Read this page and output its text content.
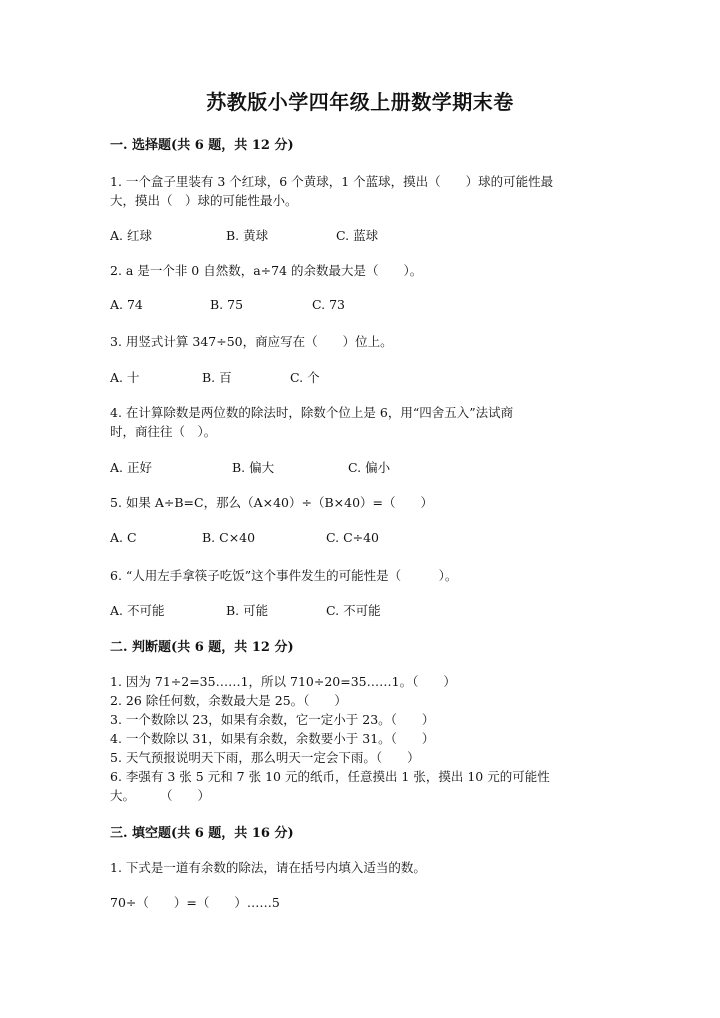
苏教版小学四年级上册数学期末卷
一. 选择题(共 6 题，共 12 分)
1. 一个盒子里装有 3 个红球，6 个黄球，1 个蓝球，摸出（　　）球的可能性最
大，摸出（　）球的可能性最小。
A. 红球	B. 黄球	C. 蓝球
2. a 是一个非 0 自然数，a÷74 的余数最大是（　　）。
A. 74	B. 75	C. 73
3. 用竖式计算 347÷50，商应写在（　　）位上。
A. 十	B. 百	C. 个
4. 在计算除数是两位数的除法时，除数个位上是 6，用“四舍五入”法试商
时，商往往（　）。
A. 正好	B. 偏大	C. 偏小
5. 如果 A÷B=C，那么（A×40）÷（B×40）=（　　）
A. C	B. C×40	C. C÷40
6. “人用左手拿筷子吃饭”这个事件发生的可能性是（　　　）。
A. 不可能	B. 可能	C. 不可能
二. 判断题(共 6 题，共 12 分)
1. 因为 71÷2=35……1，所以 710÷20=35……1。（　　）
2. 26 除任何数，余数最大是 25。（　　）
3. 一个数除以 23，如果有余数，它一定小于 23。（　　）
4. 一个数除以 31，如果有余数，余数要小于 31。（　　）
5. 天气预报说明天下雨，那么明天一定会下雨。（　　）
6. 李强有 3 张 5 元和 7 张 10 元的纸币，任意摸出 1 张，摸出 10 元的可能性
大。　　　（　　）
三. 填空题(共 6 题，共 16 分)
1. 下式是一道有余数的除法，请在括号内填入适当的数。
70÷（　　）=（　　）……5
